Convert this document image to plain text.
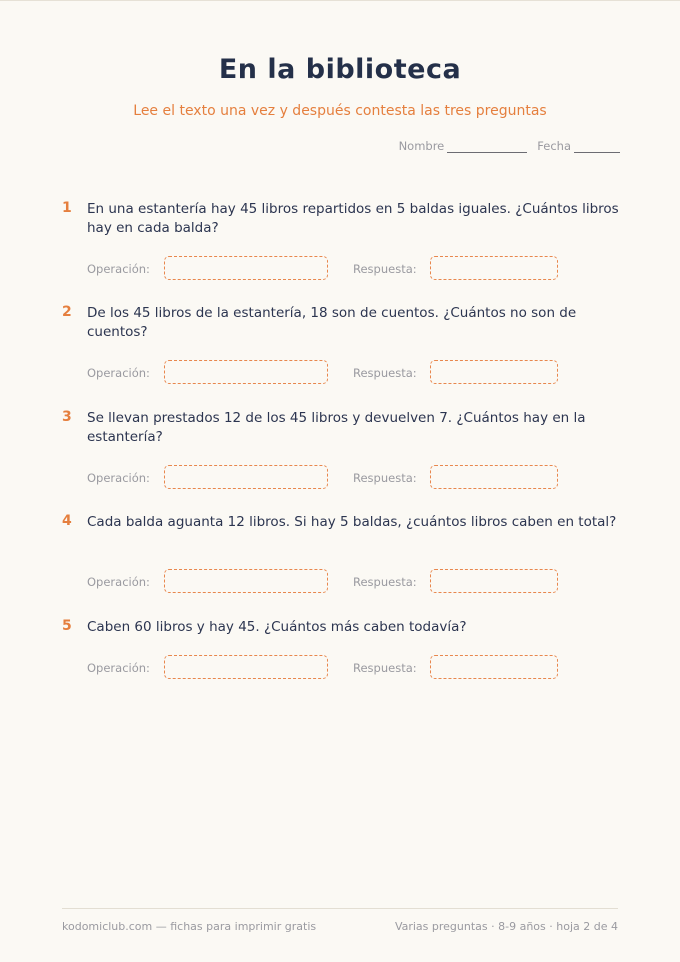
En la biblioteca
Lee el texto una vez y después contesta las tres preguntas
Nombre	Fecha
1 En una estantería hay 45 libros repartidos en 5 baldas iguales. ¿Cuántos libros hay en cada balda?
Operación:	Respuesta:
2 De los 45 libros de la estantería, 18 son de cuentos. ¿Cuántos no son de cuentos?
Operación:	Respuesta:
3 Se llevan prestados 12 de los 45 libros y devuelven 7. ¿Cuántos hay en la estantería?
Operación:	Respuesta:
4 Cada balda aguanta 12 libros. Si hay 5 baldas, ¿cuántos libros caben en total?
Operación:	Respuesta:
5 Caben 60 libros y hay 45. ¿Cuántos más caben todavía?
Operación:	Respuesta:
kodomiclub.com — fichas para imprimir gratis	Varias preguntas · 8-9 años · hoja 2 de 4
